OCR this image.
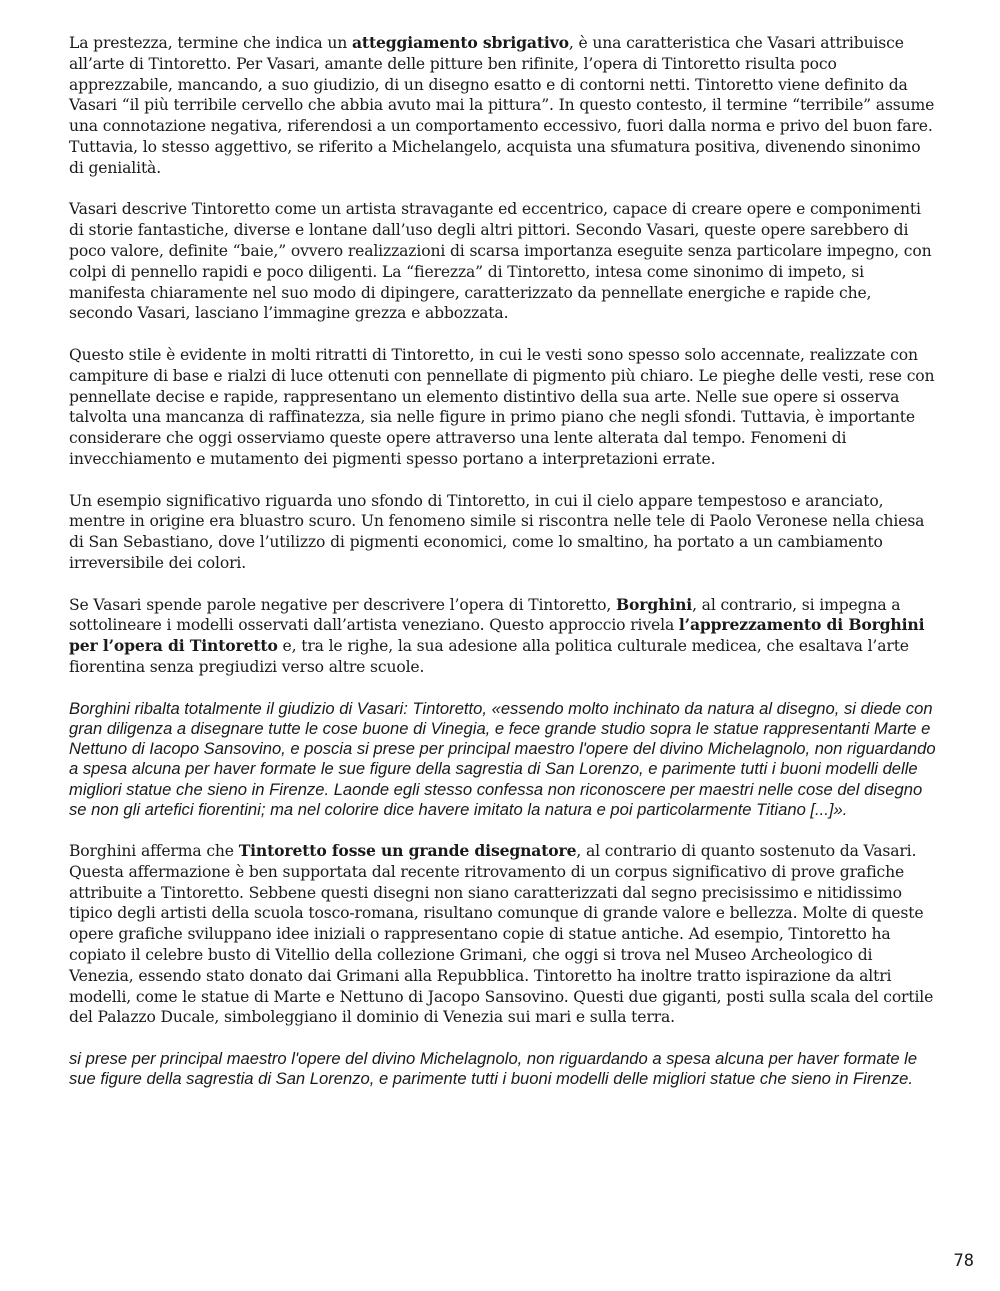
La prestezza, termine che indica un atteggiamento sbrigativo, è una caratteristica che Vasari attribuisce all’arte di Tintoretto. Per Vasari, amante delle pitture ben rifinite, l’opera di Tintoretto risulta poco apprezzabile, mancando, a suo giudizio, di un disegno esatto e di contorni netti. Tintoretto viene definito da Vasari “il più terribile cervello che abbia avuto mai la pittura”. In questo contesto, il termine “terribile” assume una connotazione negativa, riferendosi a un comportamento eccessivo, fuori dalla norma e privo del buon fare. Tuttavia, lo stesso aggettivo, se riferito a Michelangelo, acquista una sfumatura positiva, divenendo sinonimo di genialità.

Vasari descrive Tintoretto come un artista stravagante ed eccentrico, capace di creare opere e componimenti di storie fantastiche, diverse e lontane dall’uso degli altri pittori. Secondo Vasari, queste opere sarebbero di poco valore, definite “baie,” ovvero realizzazioni di scarsa importanza eseguite senza particolare impegno, con colpi di pennello rapidi e poco diligenti. La “fierezza” di Tintoretto, intesa come sinonimo di impeto, si manifesta chiaramente nel suo modo di dipingere, caratterizzato da pennellate energiche e rapide che, secondo Vasari, lasciano l’immagine grezza e abbozzata.

Questo stile è evidente in molti ritratti di Tintoretto, in cui le vesti sono spesso solo accennate, realizzate con campiture di base e rialzi di luce ottenuti con pennellate di pigmento più chiaro. Le pieghe delle vesti, rese con pennellate decise e rapide, rappresentano un elemento distintivo della sua arte. Nelle sue opere si osserva talvolta una mancanza di raffinatezza, sia nelle figure in primo piano che negli sfondi. Tuttavia, è importante considerare che oggi osserviamo queste opere attraverso una lente alterata dal tempo. Fenomeni di invecchiamento e mutamento dei pigmenti spesso portano a interpretazioni errate.

Un esempio significativo riguarda uno sfondo di Tintoretto, in cui il cielo appare tempestoso e aranciato, mentre in origine era bluastro scuro. Un fenomeno simile si riscontra nelle tele di Paolo Veronese nella chiesa di San Sebastiano, dove l’utilizzo di pigmenti economici, come lo smaltino, ha portato a un cambiamento irreversibile dei colori.

Se Vasari spende parole negative per descrivere l’opera di Tintoretto, Borghini, al contrario, si impegna a sottolineare i modelli osservati dall’artista veneziano. Questo approccio rivela l’apprezzamento di Borghini per l’opera di Tintoretto e, tra le righe, la sua adesione alla politica culturale medicea, che esaltava l’arte fiorentina senza pregiudizi verso altre scuole.

Borghini ribalta totalmente il giudizio di Vasari: Tintoretto, «essendo molto inchinato da natura al disegno, si diede con gran diligenza a disegnare tutte le cose buone di Vinegia, e fece grande studio sopra le statue rappresentanti Marte e Nettuno di Iacopo Sansovino, e poscia si prese per principal maestro l'opere del divino Michelagnolo, non riguardando a spesa alcuna per haver formate le sue figure della sagrestia di San Lorenzo, e parimente tutti i buoni modelli delle migliori statue che sieno in Firenze. Laonde egli stesso confessa non riconoscere per maestri nelle cose del disegno se non gli artefici fiorentini; ma nel colorire dice havere imitato la natura e poi particolarmente Titiano [...]».

Borghini afferma che Tintoretto fosse un grande disegnatore, al contrario di quanto sostenuto da Vasari. Questa affermazione è ben supportata dal recente ritrovamento di un corpus significativo di prove grafiche attribuite a Tintoretto. Sebbene questi disegni non siano caratterizzati dal segno precisissimo e nitidissimo tipico degli artisti della scuola tosco-romana, risultano comunque di grande valore e bellezza. Molte di queste opere grafiche sviluppano idee iniziali o rappresentano copie di statue antiche. Ad esempio, Tintoretto ha copiato il celebre busto di Vitellio della collezione Grimani, che oggi si trova nel Museo Archeologico di Venezia, essendo stato donato dai Grimani alla Repubblica. Tintoretto ha inoltre tratto ispirazione da altri modelli, come le statue di Marte e Nettuno di Jacopo Sansovino. Questi due giganti, posti sulla scala del cortile del Palazzo Ducale, simboleggiano il dominio di Venezia sui mari e sulla terra.

si prese per principal maestro l'opere del divino Michelagnolo, non riguardando a spesa alcuna per haver formate le sue figure della sagrestia di San Lorenzo, e parimente tutti i buoni modelli delle migliori statue che sieno in Firenze.

78
